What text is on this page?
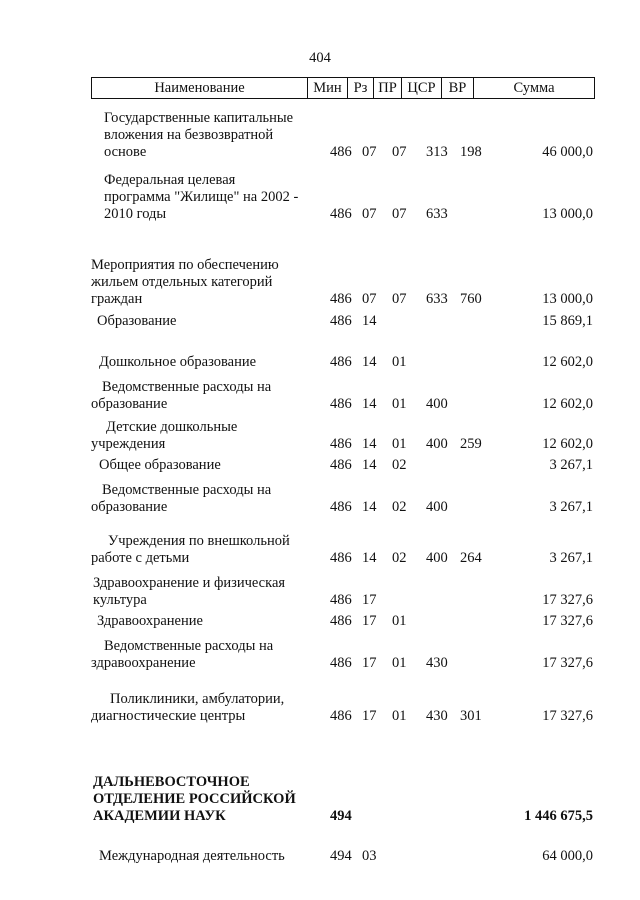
404
Наименование	Мин Рз ПР ЦСР ВР	Сумма
Государственные капитальные
вложения на безвозвратной
основе	486 07 07 313 198	46 000,0
Федеральная целевая
программа "Жилище" на 2002 -
2010 годы	486 07 07 633	13 000,0
Мероприятия по обеспечению
жильем отдельных категорий
граждан	486 07 07 633 760	13 000,0
Образование	486 14	15 869,1
Дошкольное образование	486 14 01	12 602,0
Ведомственные расходы на
образование	486 14 01 400	12 602,0
Детские дошкольные
учреждения	486 14 01 400 259	12 602,0
Общее образование	486 14 02	3 267,1
Ведомственные расходы на
образование	486 14 02 400	3 267,1
Учреждения по внешкольной
работе с детьми	486 14 02 400 264	3 267,1
Здравоохранение и физическая
культура	486 17	17 327,6
Здравоохранение	486 17 01	17 327,6
Ведомственные расходы на
здравоохранение	486 17 01 430	17 327,6
Поликлиники, амбулатории,
диагностические центры	486 17 01 430 301	17 327,6
ДАЛЬНЕВОСТОЧНОЕ
ОТДЕЛЕНИЕ РОССИЙСКОЙ
АКАДЕМИИ НАУК	494	1 446 675,5
Международная деятельность	494 03	64 000,0
